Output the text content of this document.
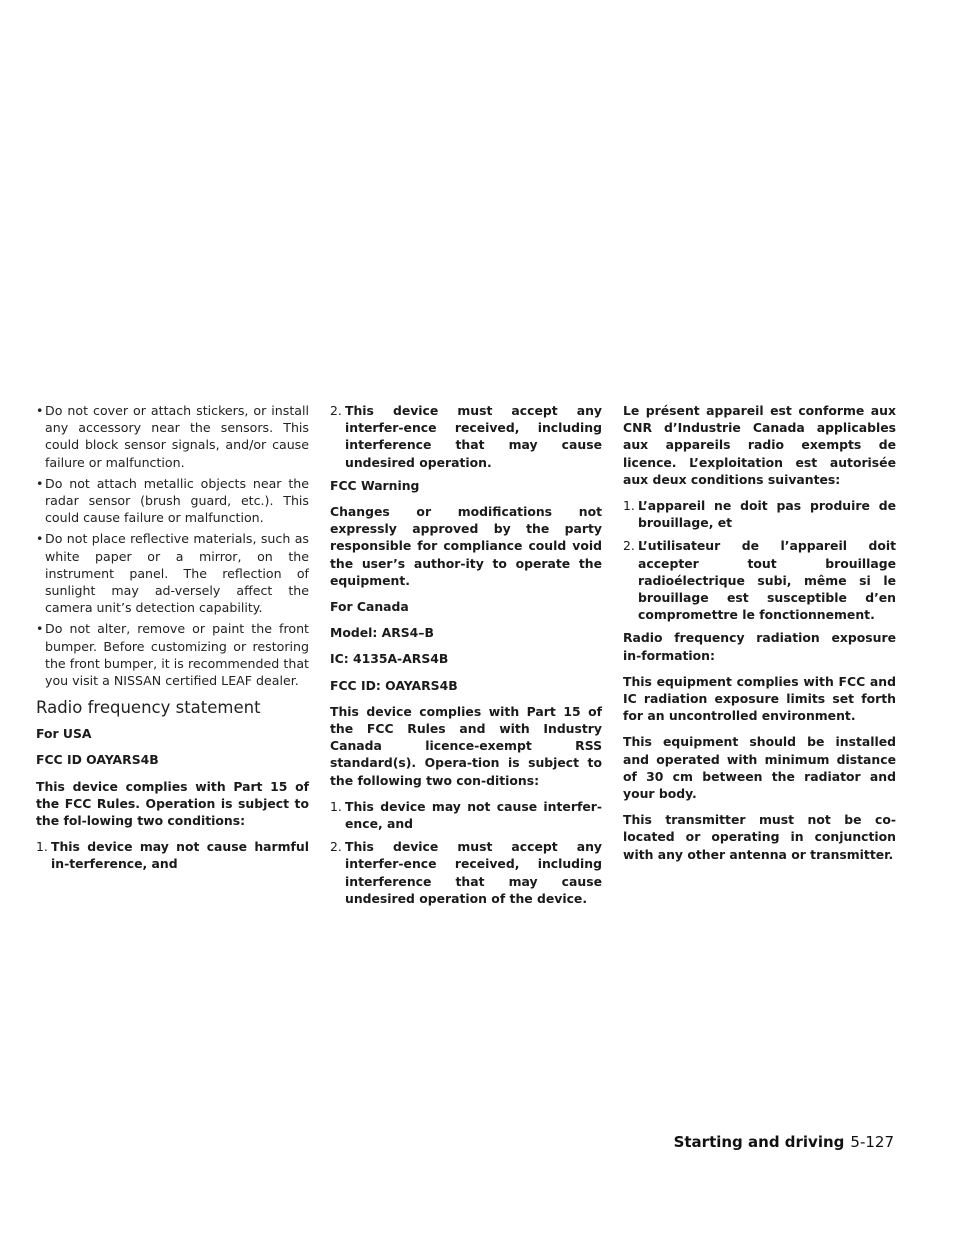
• Do not cover or attach stickers, or install any accessory near the sensors. This could block sensor signals, and/or cause failure or malfunction.
• Do not attach metallic objects near the radar sensor (brush guard, etc.). This could cause failure or malfunction.
• Do not place reflective materials, such as white paper or a mirror, on the instrument panel. The reflection of sunlight may ad-versely affect the camera unit’s detection capability.
• Do not alter, remove or paint the front bumper. Before customizing or restoring the front bumper, it is recommended that you visit a NISSAN certified LEAF dealer.
Radio frequency statement

For USA

FCC ID OAYARS4B

This device complies with Part 15 of the FCC Rules. Operation is subject to the fol-lowing two conditions:

1. This device may not cause harmful in-terference, and
2. This device must accept any interfer-ence received, including interference that may cause undesired operation.

FCC Warning

Changes or modifications not expressly approved by the party responsible for compliance could void the user’s author-ity to operate the equipment.

For Canada

Model: ARS4–B

IC: 4135A-ARS4B

FCC ID: OAYARS4B

This device complies with Part 15 of the FCC Rules and with Industry Canada licence-exempt RSS standard(s). Opera-tion is subject to the following two con-ditions:

1. This device may not cause interfer-ence, and
2. This device must accept any interfer-ence received, including interference that may cause undesired operation of the device.

Le présent appareil est conforme aux CNR d’Industrie Canada applicables aux appareils radio exempts de licence. L’exploitation est autorisée aux deux conditions suivantes:

1. L’appareil ne doit pas produire de brouillage, et
2. L’utilisateur de l’appareil doit accepter tout brouillage radioélectrique subi, même si le brouillage est susceptible d’en compromettre le fonctionnement.

Radio frequency radiation exposure in-formation:

This equipment complies with FCC and IC radiation exposure limits set forth for an uncontrolled environment.

This equipment should be installed and operated with minimum distance of 30 cm between the radiator and your body.

This transmitter must not be co-located or operating in conjunction with any other antenna or transmitter.

Starting and driving 5-127
